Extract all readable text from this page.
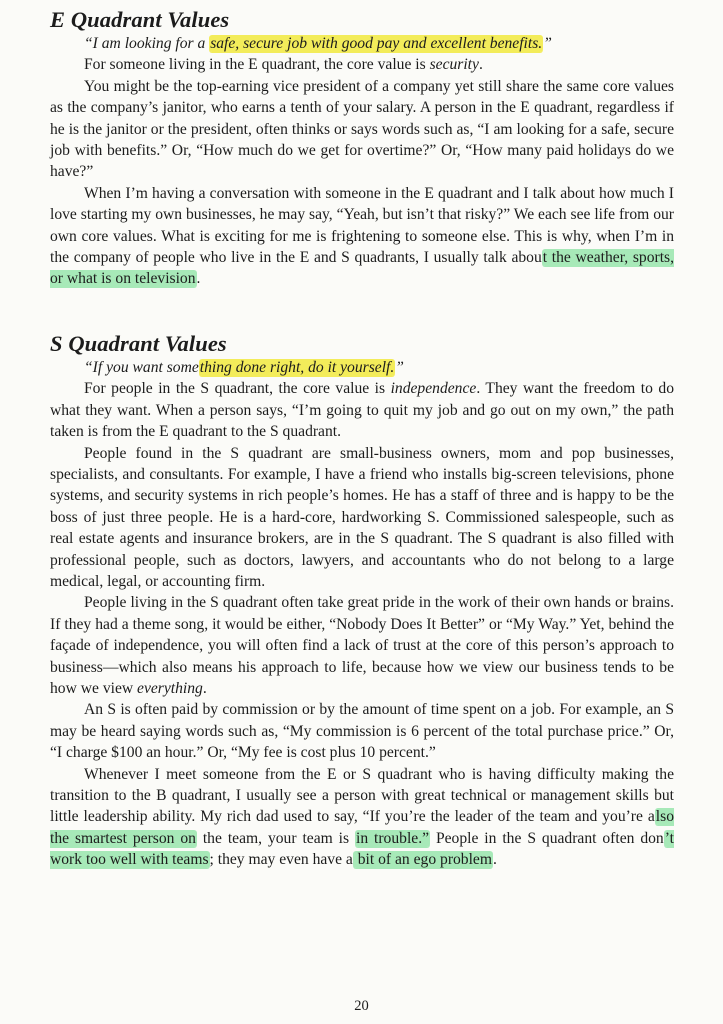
E Quadrant Values

“I am looking for a safe, secure job with good pay and excellent benefits.”

For someone living in the E quadrant, the core value is security.

You might be the top-earning vice president of a company yet still share the same core values as the company’s janitor, who earns a tenth of your salary. A person in the E quadrant, regardless if he is the janitor or the president, often thinks or says words such as, “I am looking for a safe, secure job with benefits.” Or, “How much do we get for overtime?” Or, “How many paid holidays do we have?”

When I’m having a conversation with someone in the E quadrant and I talk about how much I love starting my own businesses, he may say, “Yeah, but isn’t that risky?” We each see life from our own core values. What is exciting for me is frightening to someone else. This is why, when I’m in the company of people who live in the E and S quadrants, I usually talk about the weather, sports, or what is on television.

S Quadrant Values

“If you want something done right, do it yourself.”

For people in the S quadrant, the core value is independence. They want the freedom to do what they want. When a person says, “I’m going to quit my job and go out on my own,” the path taken is from the E quadrant to the S quadrant.

People found in the S quadrant are small-business owners, mom and pop businesses, specialists, and consultants. For example, I have a friend who installs big-screen televisions, phone systems, and security systems in rich people’s homes. He has a staff of three and is happy to be the boss of just three people. He is a hard-core, hardworking S. Commissioned salespeople, such as real estate agents and insurance brokers, are in the S quadrant. The S quadrant is also filled with professional people, such as doctors, lawyers, and accountants who do not belong to a large medical, legal, or accounting firm.

People living in the S quadrant often take great pride in the work of their own hands or brains. If they had a theme song, it would be either, “Nobody Does It Better” or “My Way.” Yet, behind the façade of independence, you will often find a lack of trust at the core of this person’s approach to business—which also means his approach to life, because how we view our business tends to be how we view everything.

An S is often paid by commission or by the amount of time spent on a job. For example, an S may be heard saying words such as, “My commission is 6 percent of the total purchase price.” Or, “I charge $100 an hour.” Or, “My fee is cost plus 10 percent.”

Whenever I meet someone from the E or S quadrant who is having difficulty making the transition to the B quadrant, I usually see a person with great technical or management skills but little leadership ability. My rich dad used to say, “If you’re the leader of the team and you’re also the smartest person on the team, your team is in trouble.” People in the S quadrant often don’t work too well with teams; they may even have a bit of an ego problem.

20
